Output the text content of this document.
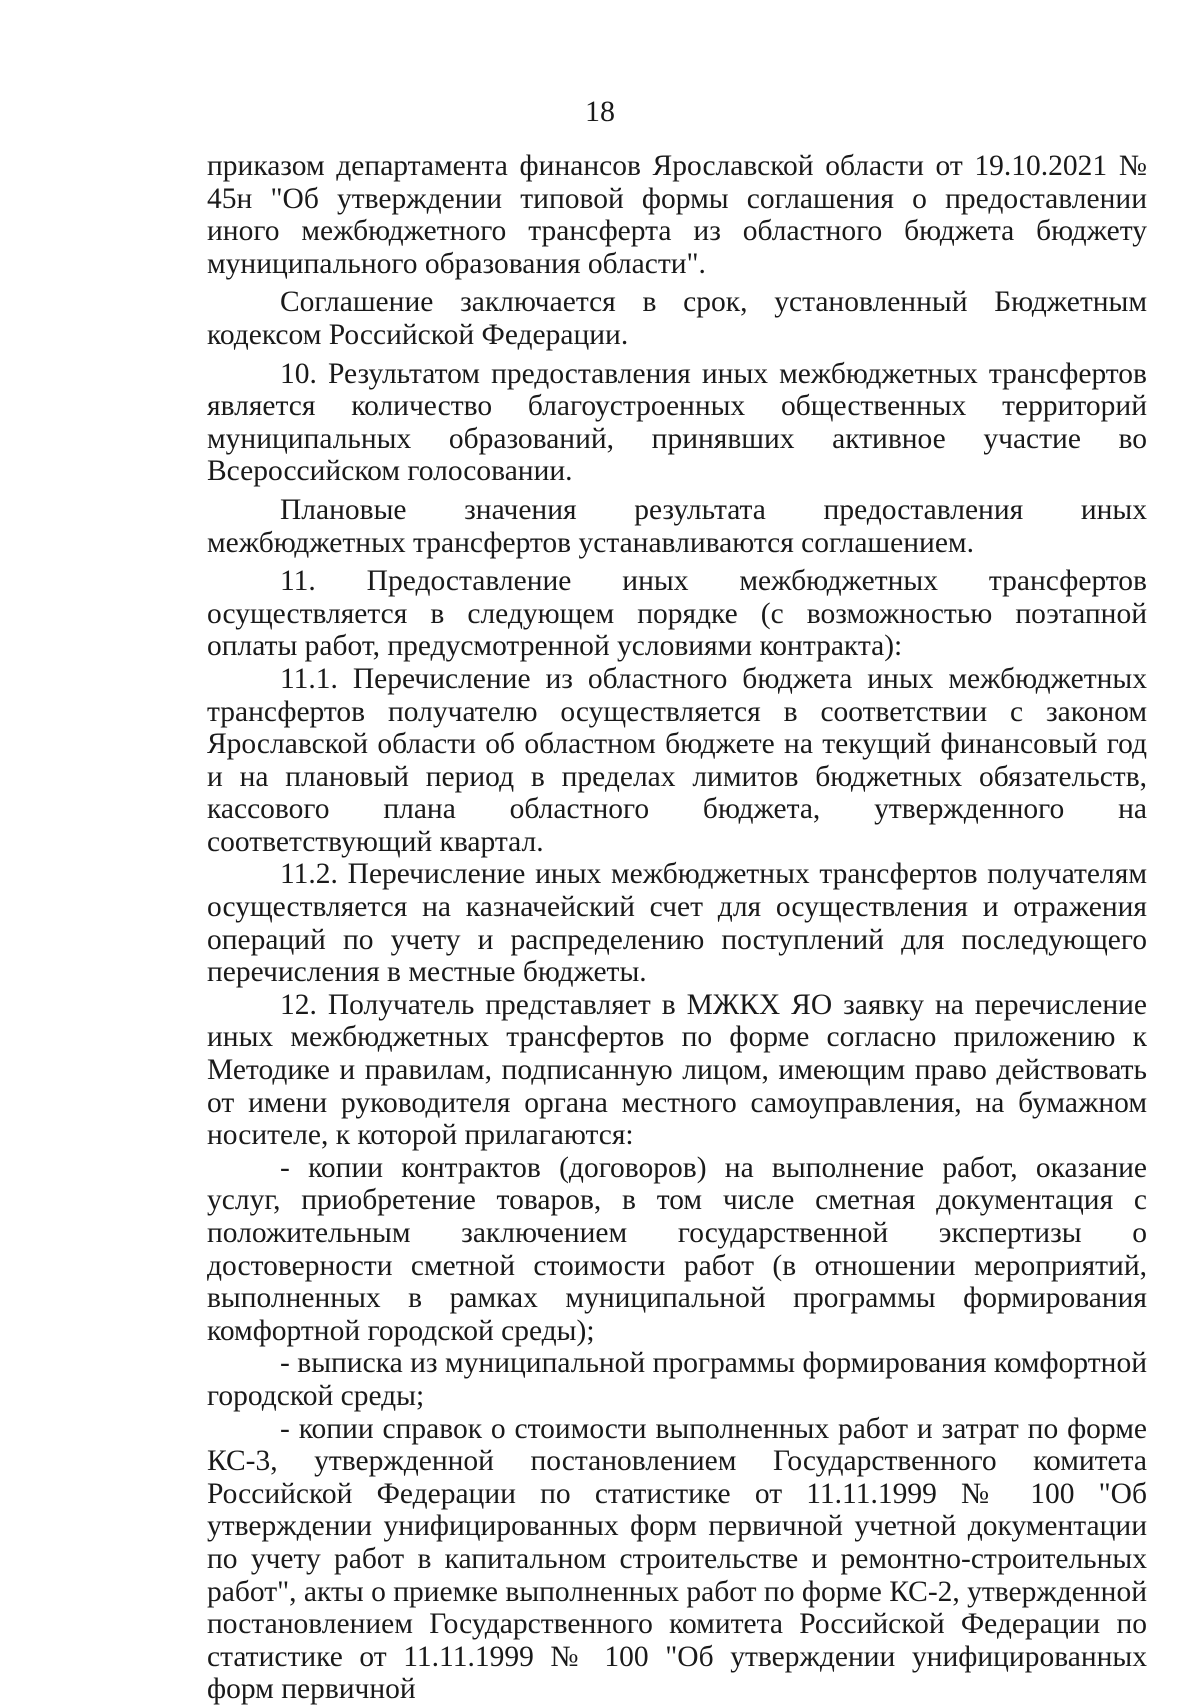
18

приказом департамента финансов Ярославской области от 19.10.2021 № 45н "Об утверждении типовой формы соглашения о предоставлении иного межбюджетного трансферта из областного бюджета бюджету муниципального образования области".

Соглашение заключается в срок, установленный Бюджетным кодексом Российской Федерации.

10. Результатом предоставления иных межбюджетных трансфертов является количество благоустроенных общественных территорий муниципальных образований, принявших активное участие во Всероссийском голосовании.

Плановые значения результата предоставления иных межбюджетных трансфертов устанавливаются соглашением.

11. Предоставление иных межбюджетных трансфертов осуществляется в следующем порядке (с возможностью поэтапной оплаты работ, предусмотренной условиями контракта):

11.1. Перечисление из областного бюджета иных межбюджетных трансфертов получателю осуществляется в соответствии с законом Ярославской области об областном бюджете на текущий финансовый год и на плановый период в пределах лимитов бюджетных обязательств, кассового плана областного бюджета, утвержденного на соответствующий квартал.

11.2. Перечисление иных межбюджетных трансфертов получателям осуществляется на казначейский счет для осуществления и отражения операций по учету и распределению поступлений для последующего перечисления в местные бюджеты.

12. Получатель представляет в МЖКХ ЯО заявку на перечисление иных межбюджетных трансфертов по форме согласно приложению к Методике и правилам, подписанную лицом, имеющим право действовать от имени руководителя органа местного самоуправления, на бумажном носителе, к которой прилагаются:

- копии контрактов (договоров) на выполнение работ, оказание услуг, приобретение товаров, в том числе сметная документация с положительным заключением государственной экспертизы о достоверности сметной стоимости работ (в отношении мероприятий, выполненных в рамках муниципальной программы формирования комфортной городской среды);

- выписка из муниципальной программы формирования комфортной городской среды;

- копии справок о стоимости выполненных работ и затрат по форме КС-3, утвержденной постановлением Государственного комитета Российской Федерации по статистике от 11.11.1999 № 100 "Об утверждении унифицированных форм первичной учетной документации по учету работ в капитальном строительстве и ремонтно-строительных работ", акты о приемке выполненных работ по форме КС-2, утвержденной постановлением Государственного комитета Российской Федерации по статистике от 11.11.1999 № 100 "Об утверждении унифицированных форм первичной
